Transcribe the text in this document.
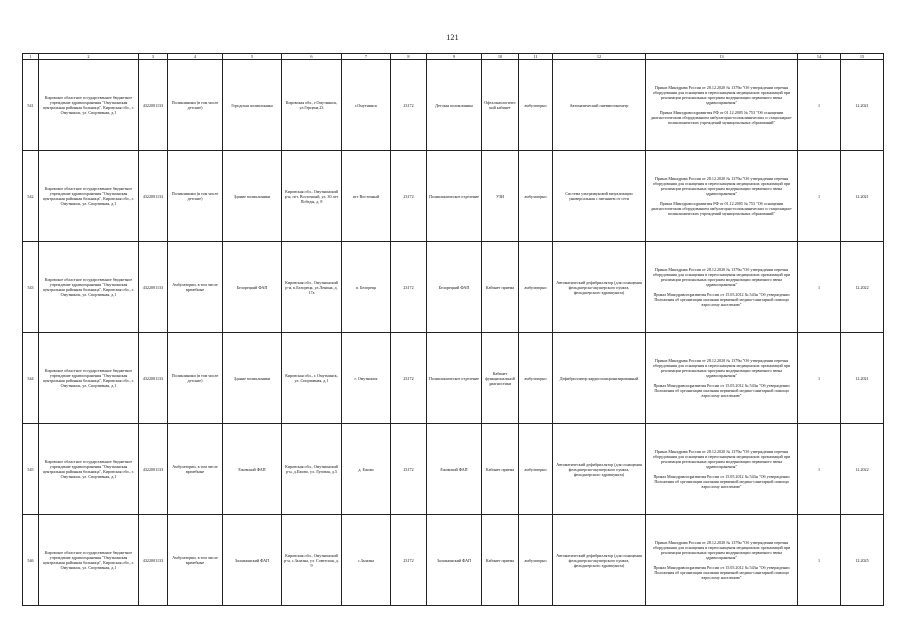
121
1	2	3	4	5	6	7	8	9	10	11	12	13	14	15
541	Кировское областное государственное бюджетное учреждение здравоохранения "Омутнинская центральная районная больница", Кировская обл., г. Омутнинск, ул. Спортивная, д.1	4322001133	Поликлиники (в том числе детские)	Городская поликлиника	Кировская обл., г.Омутнинск, ул.Герцена,23	г.Омутнинск	23172	Детская поликлиника	Офтальмологический кабинет	амбулаторно	Автоматический пневмотонометр	Приказ Минздрава России от 28.12.2020 № 1379н "Об утверждении перечня оборудования для оснащения и переоснащения медицинских организаций при реализации региональных программ модернизации первичного звена здравоохранения"

Приказ Минздравсоцразвития РФ от 01.12.2005 № 753 "Об оснащении диагностическим оборудованием амбулаторно-поликлинических и стационарно-поликлинических учреждений муниципальных образований"	1	12.2021
542	Кировское областное государственное бюджетное учреждение здравоохранения "Омутнинская центральная районная больница", Кировская обл., г. Омутнинск, ул. Спортивная, д.1	4322001133	Поликлиники (в том числе детские)	Здание поликлиники	Кировская обл., Омутнинский р-н, пгт. Восточный, ул. 30 лет Победы, д. 8	пгт Восточный	23172	Поликлиническое отделение	УЗИ	амбулаторно	Система ультразвуковой визуализации универсальная с питанием от сети	Приказ Минздрава России от 28.12.2020 № 1379н "Об утверждении перечня оборудования для оснащения и переоснащения медицинских организаций при реализации региональных программ модернизации первичного звена здравоохранения"

Приказ Минздравсоцразвития РФ от 01.12.2005 № 753 "Об оснащении диагностическим оборудованием амбулаторно-поликлинических и стационарно-поликлинических учреждений муниципальных образований"	1	12.2021
543	Кировское областное государственное бюджетное учреждение здравоохранения "Омутнинская центральная районная больница", Кировская обл., г. Омутнинск, ул. Спортивная, д.1	4322001133	Амбулатории, в том числе врачебные	Белорецкий ФАП	Кировская обл., Омутнинский р-н, п.Белорецк, ул.Ленина, д. 17а	п. Белорецк	23172	Белорецкий ФАП	Кабинет приема	амбулаторно	Автоматический дефибриллятор (для оснащения фельдшерско-акушерского пункта, фельдшерского здравпункта)	Приказ Минздрава России от 28.12.2020 № 1379н "Об утверждении перечня оборудования для оснащения и переоснащения медицинских организаций при реализации региональных программ модернизации первичного звена здравоохранения"

Приказ Минздравсоцразвития России от 15.05.2012 № 543н "Об утверждении Положения об организации оказания первичной медико-санитарной помощи взрослому населению"	1	12.2022
544	Кировское областное государственное бюджетное учреждение здравоохранения "Омутнинская центральная районная больница", Кировская обл., г. Омутнинск, ул. Спортивная, д.1	4322001133	Поликлиники (в том числе детские)	Здание поликлиники	Кировская обл., г. Омутнинск, ул. Спортивная, д.1	г. Омутнинск	23172	Поликлиническое отделение	Кабинет функциональной диагностики	амбулаторно	Дефибриллятор кардиосинхронизированный	Приказ Минздрава России от 28.12.2020 № 1379н "Об утверждении перечня оборудования для оснащения и переоснащения медицинских организаций при реализации региональных программ модернизации первичного звена здравоохранения"

Приказ Минздравсоцразвития России от 15.05.2012 № 543н "Об утверждении Положения об организации оказания первичной медико-санитарной помощи взрослому населению"	1	12.2021
545	Кировское областное государственное бюджетное учреждение здравоохранения "Омутнинская центральная районная больница", Кировская обл., г. Омутнинск, ул. Спортивная, д.1	4322001133	Амбулатории, в том числе врачебные	Ежовский ФАП	Кировская обл., Омутнинский р-н, д.Ежово, ул. Луговая, д.5	д. Ежово	23172	Ежовский ФАП	Кабинет приема	амбулаторно	Автоматический дефибриллятор (для оснащения фельдшерско-акушерского пункта, фельдшерского здравпункта)	Приказ Минздрава России от 28.12.2020 № 1379н "Об утверждении перечня оборудования для оснащения и переоснащения медицинских организаций при реализации региональных программ модернизации первичного звена здравоохранения"

Приказ Минздравсоцразвития России от 15.05.2012 № 543н "Об утверждении Положения об организации оказания первичной медико-санитарной помощи взрослому населению"	1	12.2022
546	Кировское областное государственное бюджетное учреждение здравоохранения "Омутнинская центральная районная больница", Кировская обл., г. Омутнинск, ул. Спортивная, д.1	4322001133	Амбулатории, в том числе врачебные	Залазнинский ФАП	Кировская обл., Омутнинский р-н, с.Залазна, ул. Советская, д. 9	с.Залазна	23172	Залазнинский ФАП	Кабинет приема	амбулаторно	Автоматический дефибриллятор (для оснащения фельдшерско-акушерского пункта, фельдшерского здравпункта)	Приказ Минздрава России от 28.12.2020 № 1379н "Об утверждении перечня оборудования для оснащения и переоснащения медицинских организаций при реализации региональных программ модернизации первичного звена здравоохранения"

Приказ Минздравсоцразвития России от 15.05.2012 № 543н "Об утверждении Положения об организации оказания первичной медико-санитарной помощи взрослому населению"	1	12.2025
